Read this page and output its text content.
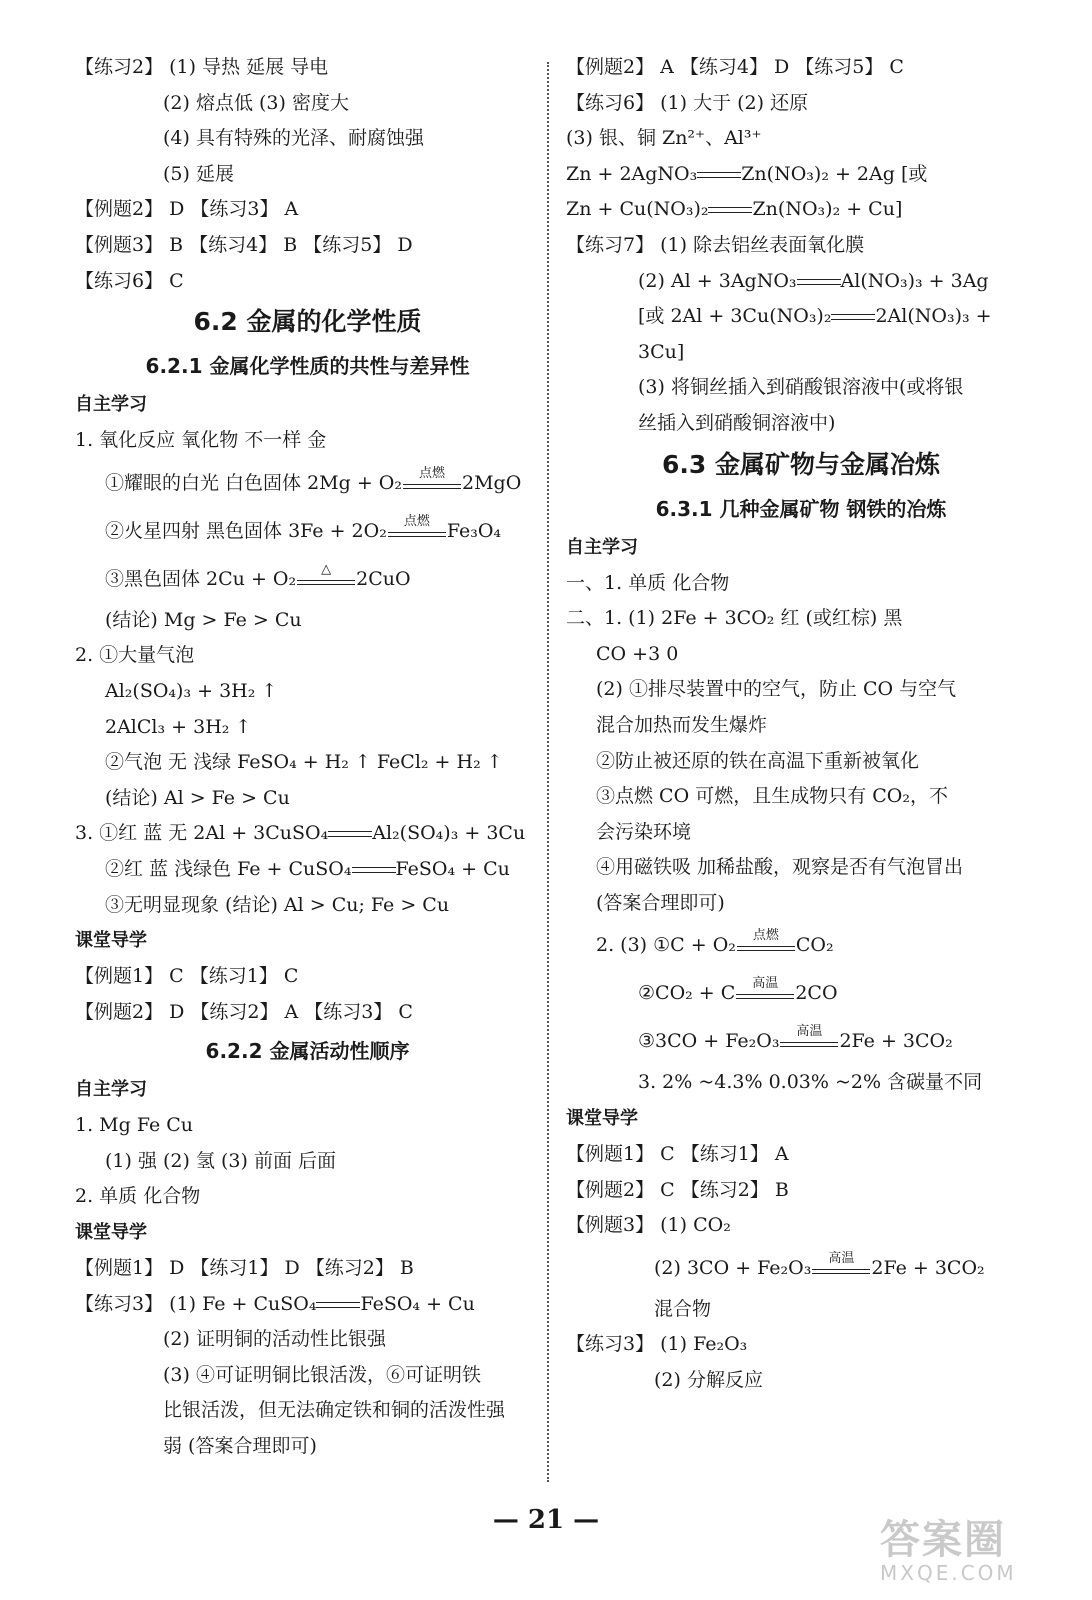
【练习2】 (1) 导热 延展 导电
(2) 熔点低 (3) 密度大
(4) 具有特殊的光泽、耐腐蚀强
(5) 延展
【例题2】 D 【练习3】 A
【例题3】 B 【练习4】 B 【练习5】 D
【练习6】 C
6.2 金属的化学性质
6.2.1 金属化学性质的共性与差异性
自主学习
1. 氧化反应 氧化物 不一样 金
①耀眼的白光 白色固体 2Mg + O₂	点燃 2MgO
②火星四射 黑色固体 3Fe + 2O₂	点燃 Fe₃O₄
③黑色固体 2Cu + O₂	△	2CuO
(结论) Mg > Fe > Cu
2. ①大量气泡
Al₂(SO₄)₃ + 3H₂ ↑
2AlCl₃ + 3H₂ ↑
②气泡 无 浅绿 FeSO₄ + H₂ ↑ FeCl₂ + H₂ ↑
(结论) Al > Fe > Cu
3. ①红 蓝 无 2Al + 3CuSO₄ Al₂(SO₄)₃ + 3Cu
②红 蓝 浅绿色 Fe + CuSO₄ FeSO₄ + Cu
③无明显现象 (结论) Al > Cu; Fe > Cu
课堂导学
【例题1】 C 【练习1】 C
【例题2】 D 【练习2】 A 【练习3】 C
6.2.2 金属活动性顺序
自主学习
1. Mg Fe Cu
(1) 强 (2) 氢 (3) 前面 后面
2. 单质 化合物
课堂导学
【例题1】 D 【练习1】 D 【练习2】 B
【练习3】 (1) Fe + CuSO₄ FeSO₄ + Cu
(2) 证明铜的活动性比银强
(3) ④可证明铜比银活泼，⑥可证明铁
比银活泼，但无法确定铁和铜的活泼性强
弱 (答案合理即可)
【例题2】 A 【练习4】 D 【练习5】 C
【练习6】 (1) 大于 (2) 还原
(3) 银、铜 Zn²⁺、Al³⁺
Zn + 2AgNO₃ Zn(NO₃)₂ + 2Ag [或
Zn + Cu(NO₃)₂ Zn(NO₃)₂ + Cu]
【练习7】 (1) 除去铝丝表面氧化膜
(2) Al + 3AgNO₃ Al(NO₃)₃ + 3Ag
[或 2Al + 3Cu(NO₃)₂ 2Al(NO₃)₃ +
3Cu]
(3) 将铜丝插入到硝酸银溶液中(或将银
丝插入到硝酸铜溶液中)
6.3 金属矿物与金属冶炼
6.3.1 几种金属矿物 钢铁的冶炼
自主学习
一、1. 单质 化合物
二、1. (1) 2Fe + 3CO₂ 红 (或红棕) 黑
CO +3 0
(2) ①排尽装置中的空气，防止 CO 与空气
混合加热而发生爆炸
②防止被还原的铁在高温下重新被氧化
③点燃 CO 可燃，且生成物只有 CO₂，不
会污染环境
④用磁铁吸 加稀盐酸，观察是否有气泡冒出
(答案合理即可)
2. (3) ①C + O₂	点燃 CO₂
②CO₂ + C	高温 2CO
③3CO + Fe₂O₃	高温 2Fe + 3CO₂
3. 2% ~4.3% 0.03% ~2% 含碳量不同
课堂导学
【例题1】 C 【练习1】 A
【例题2】 C 【练习2】 B
【例题3】 (1) CO₂
(2) 3CO + Fe₂O₃	高温 2Fe + 3CO₂
混合物
【练习3】 (1) Fe₂O₃
(2) 分解反应
— 21 —	答案圈
MXQE.COM
